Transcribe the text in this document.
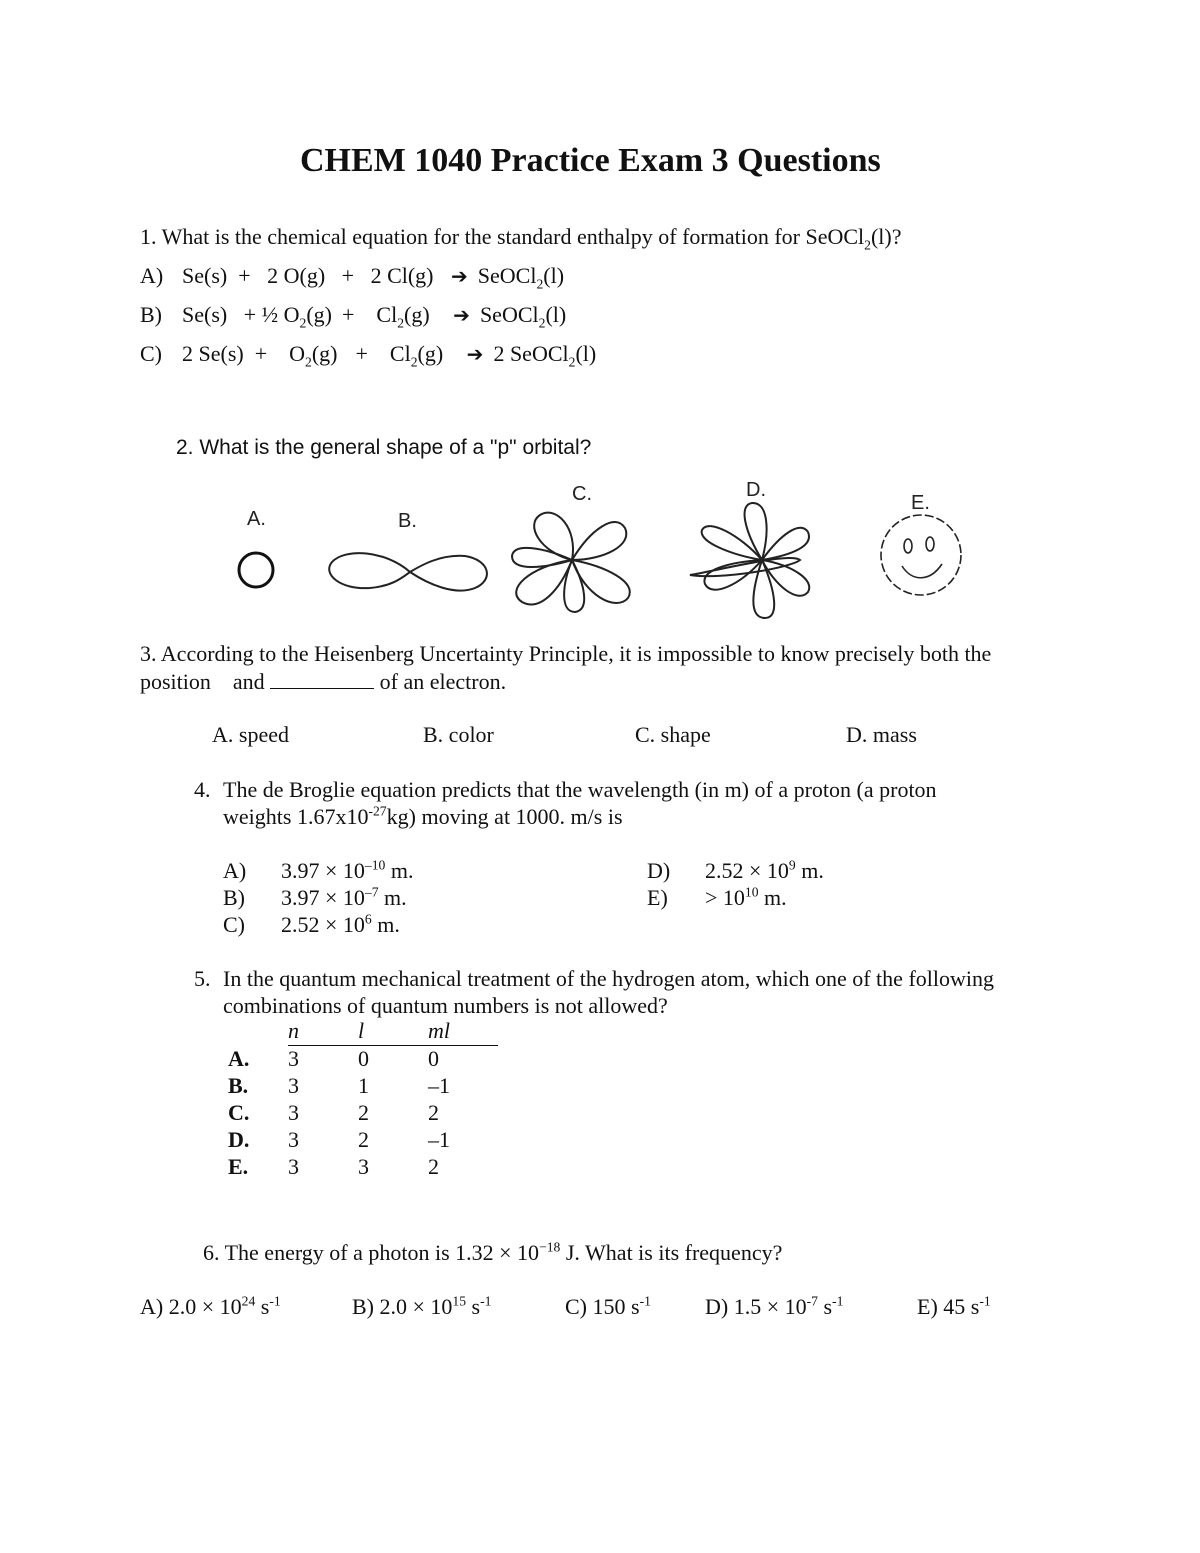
CHEM 1040 Practice Exam 3 Questions
1. What is the chemical equation for the standard enthalpy of formation for SeOCl$_2$(l)?
A) Se(s)  +   2 O(g)   +   2 Cl(g) ➔ SeOCl$_2$(l)
B) Se(s)   + ½ $O_2(g) + Cl_2(g)$ ➔ SeOCl$_2$(l)
C) 2 Se(s)  +    $O_2(g) + Cl_2(g)$ ➔ 2 SeOCl$_2$(l)
2. What is the general shape of a "p" orbital?
A.	B.
C.	D.
E.
3. According to the Heisenberg Uncertainty Principle, it is impossible to know precisely both the
position    and	of an electron.
A. speed	B. color	C. shape	D. mass
4. The de Broglie equation predicts that the wavelength (in m) of a proton (a proton
weights $1.67x10^{-27}kg$) moving at 1000. m/s is
A) $3.97 \times 10^{-10}$ m.
B) $3.97 \times 10^{-7}$ m.
C) $2.52 \times 10^6$ m.
D) $2.52 \times 10^9$ m.
$E) > 10^{10}$ m.
5. In the quantum mechanical treatment of the hydrogen atom, which one of the following
combinations of quantum numbers is not allowed?
	n	l	ml
A.	3	0	0
B.	3	1	–1
C.	3	2	2
D.	3	2	–1
E.	3	3	2
6. The energy of a photon is $1.32 \times 10^{-18}$ J. What is its frequency?
A) $2.0 \times 10^{24}$ $s^{-1}$	B) $2.0 \times 10^{15}$ $s^{-1}$	C) 150 $s^{-1}$ D) $1.5 \times 10^{-7}$ $s^{-1}$	E) 45 $s^{-1}$
